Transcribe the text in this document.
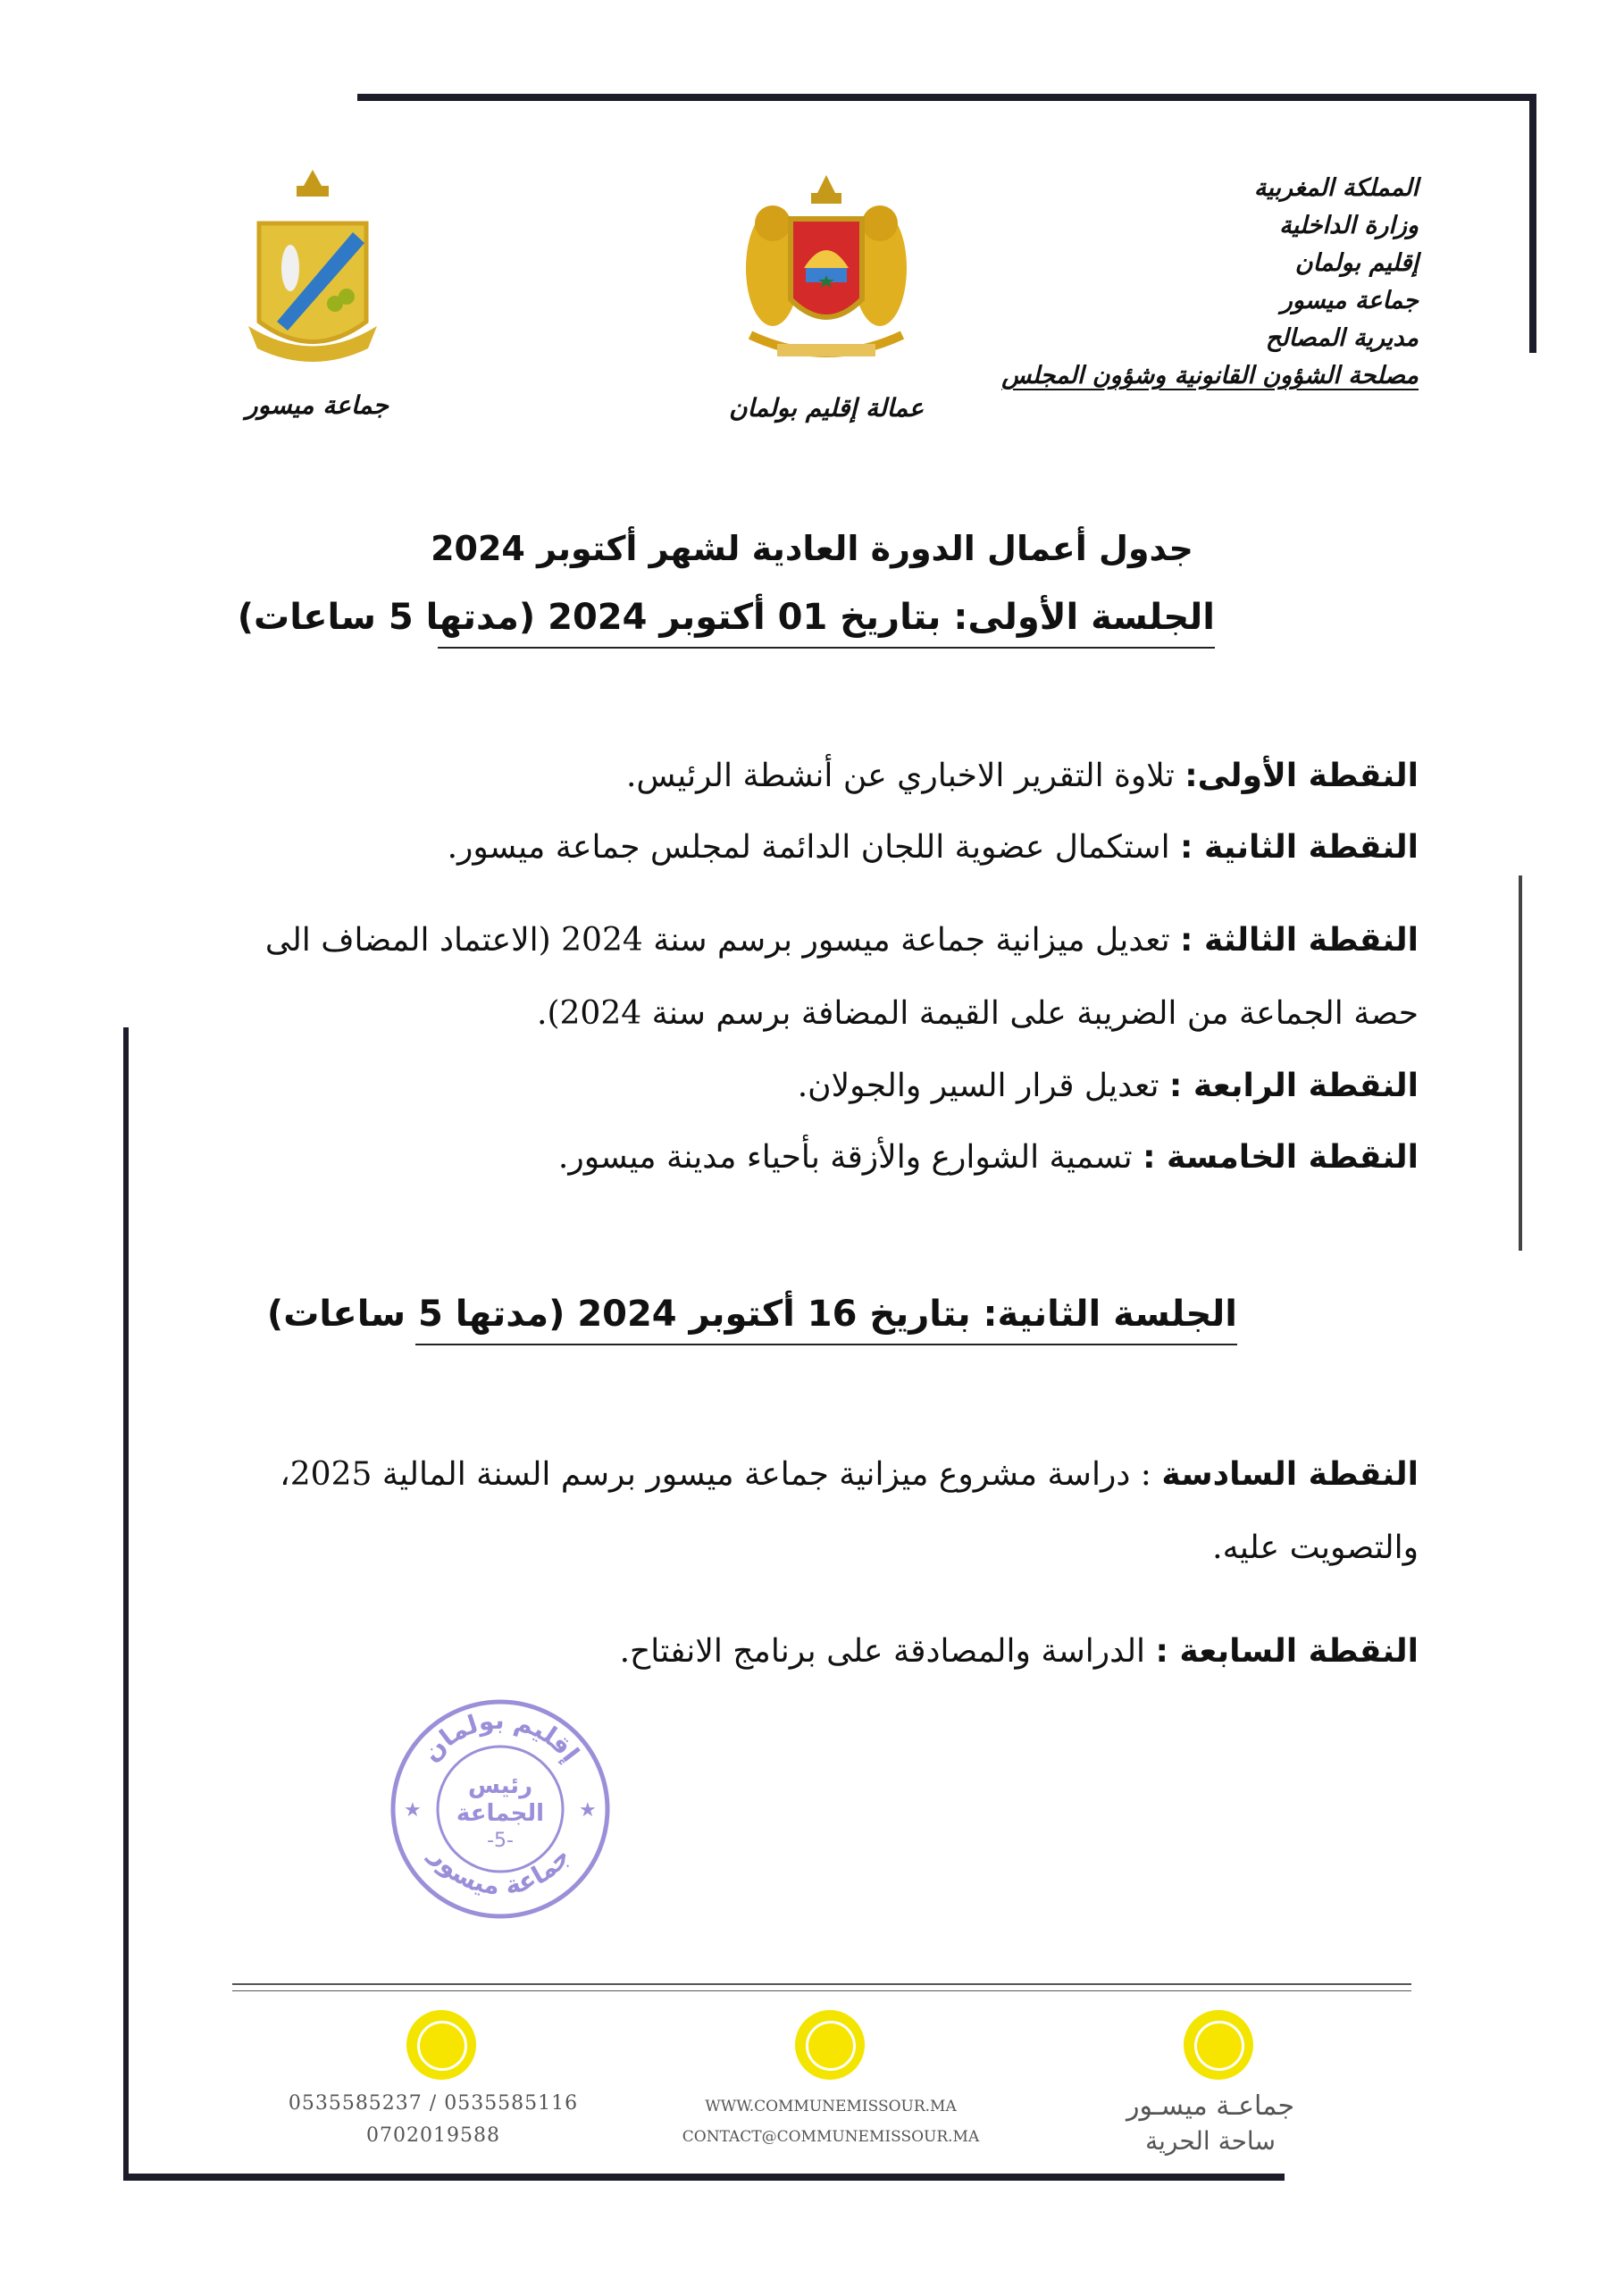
المملكة المغربية
وزارة الداخلية
إقليم بولمان
جماعة ميسور
مديرية المصالح
مصلحة الشؤون القانونية وشؤون المجلس
عمالة إقليم بولمان
جماعة ميسور
جدول أعمال الدورة العادية لشهر أكتوبر 2024
الجلسة الأولى: بتاريخ 01 أكتوبر 2024 (مدتها 5 ساعات)
النقطة الأولى: تلاوة التقرير الاخباري عن أنشطة الرئيس.
النقطة الثانية : استكمال عضوية اللجان الدائمة لمجلس جماعة ميسور.
النقطة الثالثة : تعديل ميزانية جماعة ميسور برسم سنة 2024 (الاعتماد المضاف الى حصة الجماعة من الضريبة على القيمة المضافة برسم سنة 2024).
النقطة الرابعة : تعديل قرار السير والجولان.
النقطة الخامسة : تسمية الشوارع والأزقة بأحياء مدينة ميسور.
الجلسة الثانية: بتاريخ 16 أكتوبر 2024 (مدتها 5 ساعات)
النقطة السادسة : دراسة مشروع ميزانية جماعة ميسور برسم السنة المالية 2025، والتصويت عليه.
النقطة السابعة : الدراسة والمصادقة على برنامج الانفتاح.
إقليم بولمان
جماعة ميسور
رئيس
الجماعة
-5-
★	★
0535585237 / 0535585116
0702019588
WWW.COMMUNEMISSOUR.MA
CONTACT@COMMUNEMISSOUR.MA
جماعـة ميسـور
ساحة الحرية
